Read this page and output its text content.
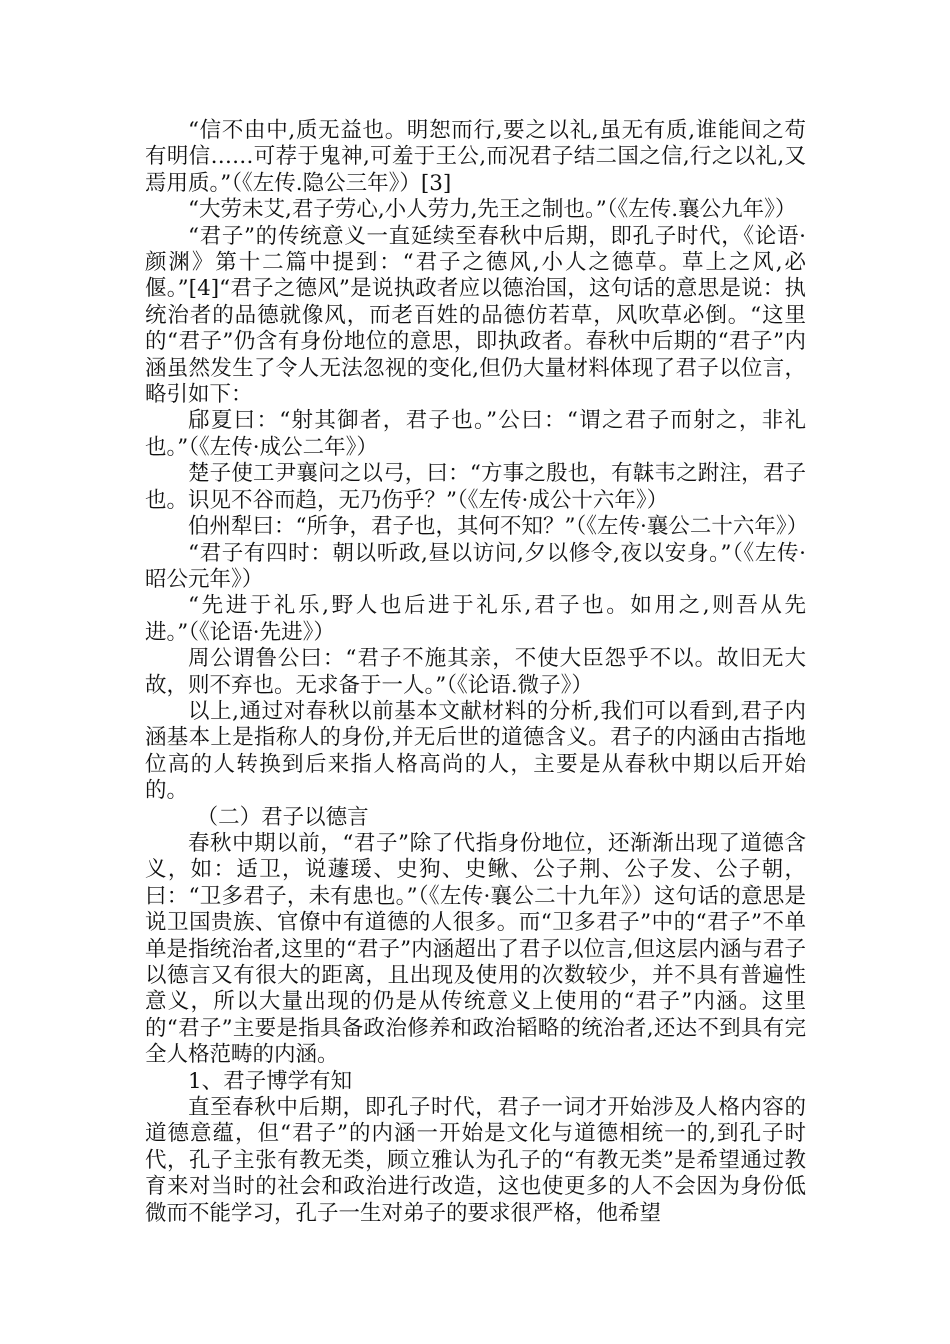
“信不由中,质无益也。明恕而行,要之以礼,虽无有质,谁能间之苟有明信……可荐于鬼神,可羞于王公,而况君子结二国之信,行之以礼,又焉用质。”（《左传.隐公三年》）[3]

“大劳未艾,君子劳心,小人劳力,先王之制也。”（《左传.襄公九年》）

“君子”的传统意义一直延续至春秋中后期，即孔子时代，《论语·颜渊》第十二篇中提到：“君子之德风,小人之德草。草上之风,必偃。”[4]“君子之德风”是说执政者应以德治国，这句话的意思是说：执统治者的品德就像风，而老百姓的品德仿若草，风吹草必倒。“这里的“君子”仍含有身份地位的意思，即执政者。春秋中后期的“君子”内涵虽然发生了令人无法忽视的变化,但仍大量材料体现了君子以位言，略引如下：

郈夏曰：“射其御者，君子也。”公曰：“谓之君子而射之，非礼也。”（《左传·成公二年》）

楚子使工尹襄问之以弓，曰：“方事之殷也，有韎韦之跗注，君子也。识见不谷而趋，无乃伤乎？”（《左传·成公十六年》）

伯州犁曰：“所争，君子也，其何不知？”（《左传·襄公二十六年》）

“君子有四时：朝以听政,昼以访问,夕以修令,夜以安身。”（《左传·昭公元年》）

“先进于礼乐,野人也后进于礼乐,君子也。如用之,则吾从先进。”（《论语·先进》）

周公谓鲁公曰：“君子不施其亲，不使大臣怨乎不以。故旧无大故，则不弃也。无求备于一人。”（《论语.微子》）

以上,通过对春秋以前基本文献材料的分析,我们可以看到,君子内涵基本上是指称人的身份,并无后世的道德含义。君子的内涵由古指地位高的人转换到后来指人格高尚的人，主要是从春秋中期以后开始的。

（二）君子以德言

春秋中期以前，“君子”除了代指身份地位，还渐渐出现了道德含义，如：适卫，说蘧瑗、史狗、史鳅、公子荆、公子发、公子朝，曰：“卫多君子，未有患也。”（《左传·襄公二十九年》）这句话的意思是说卫国贵族、官僚中有道德的人很多。而“卫多君子”中的“君子”不单单是指统治者,这里的“君子”内涵超出了君子以位言,但这层内涵与君子以德言又有很大的距离，且出现及使用的次数较少，并不具有普遍性意义，所以大量出现的仍是从传统意义上使用的“君子”内涵。这里的“君子”主要是指具备政治修养和政治韬略的统治者,还达不到具有完全人格范畴的内涵。

1、君子博学有知

直至春秋中后期，即孔子时代，君子一词才开始涉及人格内容的道德意蕴，但“君子”的内涵一开始是文化与道德相统一的,到孔子时代，孔子主张有教无类，顾立雅认为孔子的“有教无类”是希望通过教育来对当时的社会和政治进行改造，这也使更多的人不会因为身份低微而不能学习，孔子一生对弟子的要求很严格，他希望
